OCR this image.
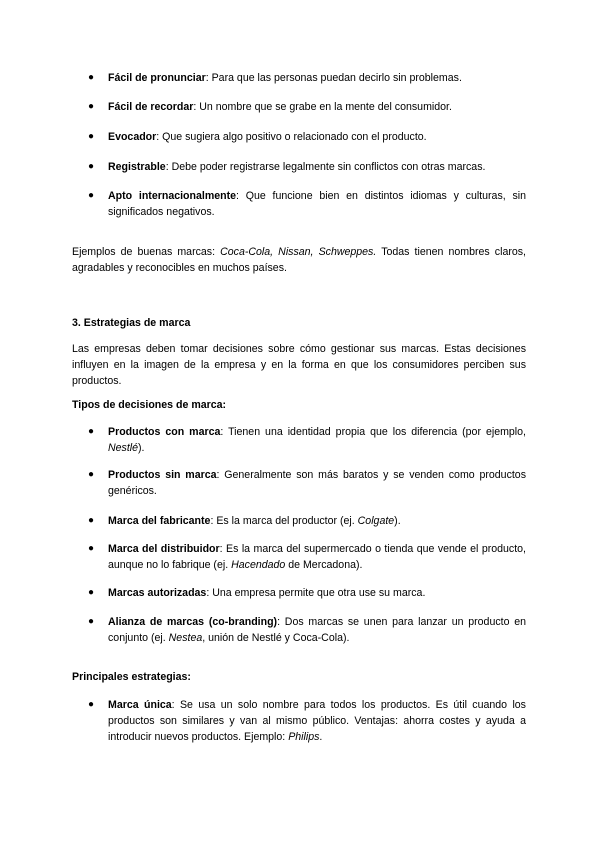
● Fácil de pronunciar: Para que las personas puedan decirlo sin problemas.
● Fácil de recordar: Un nombre que se grabe en la mente del consumidor.
● Evocador: Que sugiera algo positivo o relacionado con el producto.
● Registrable: Debe poder registrarse legalmente sin conflictos con otras marcas.
● Apto internacionalmente: Que funcione bien en distintos idiomas y culturas, sin significados negativos.
Ejemplos de buenas marcas: Coca-Cola, Nissan, Schweppes. Todas tienen nombres claros, agradables y reconocibles en muchos países.
3. Estrategias de marca
Las empresas deben tomar decisiones sobre cómo gestionar sus marcas. Estas decisiones influyen en la imagen de la empresa y en la forma en que los consumidores perciben sus productos.
Tipos de decisiones de marca:
● Productos con marca: Tienen una identidad propia que los diferencia (por ejemplo, Nestlé).
● Productos sin marca: Generalmente son más baratos y se venden como productos genéricos.
● Marca del fabricante: Es la marca del productor (ej. Colgate).
● Marca del distribuidor: Es la marca del supermercado o tienda que vende el producto, aunque no lo fabrique (ej. Hacendado de Mercadona).
● Marcas autorizadas: Una empresa permite que otra use su marca.
● Alianza de marcas (co-branding): Dos marcas se unen para lanzar un producto en conjunto (ej. Nestea, unión de Nestlé y Coca-Cola).
Principales estrategias:
● Marca única: Se usa un solo nombre para todos los productos. Es útil cuando los productos son similares y van al mismo público. Ventajas: ahorra costes y ayuda a introducir nuevos productos. Ejemplo: Philips.
